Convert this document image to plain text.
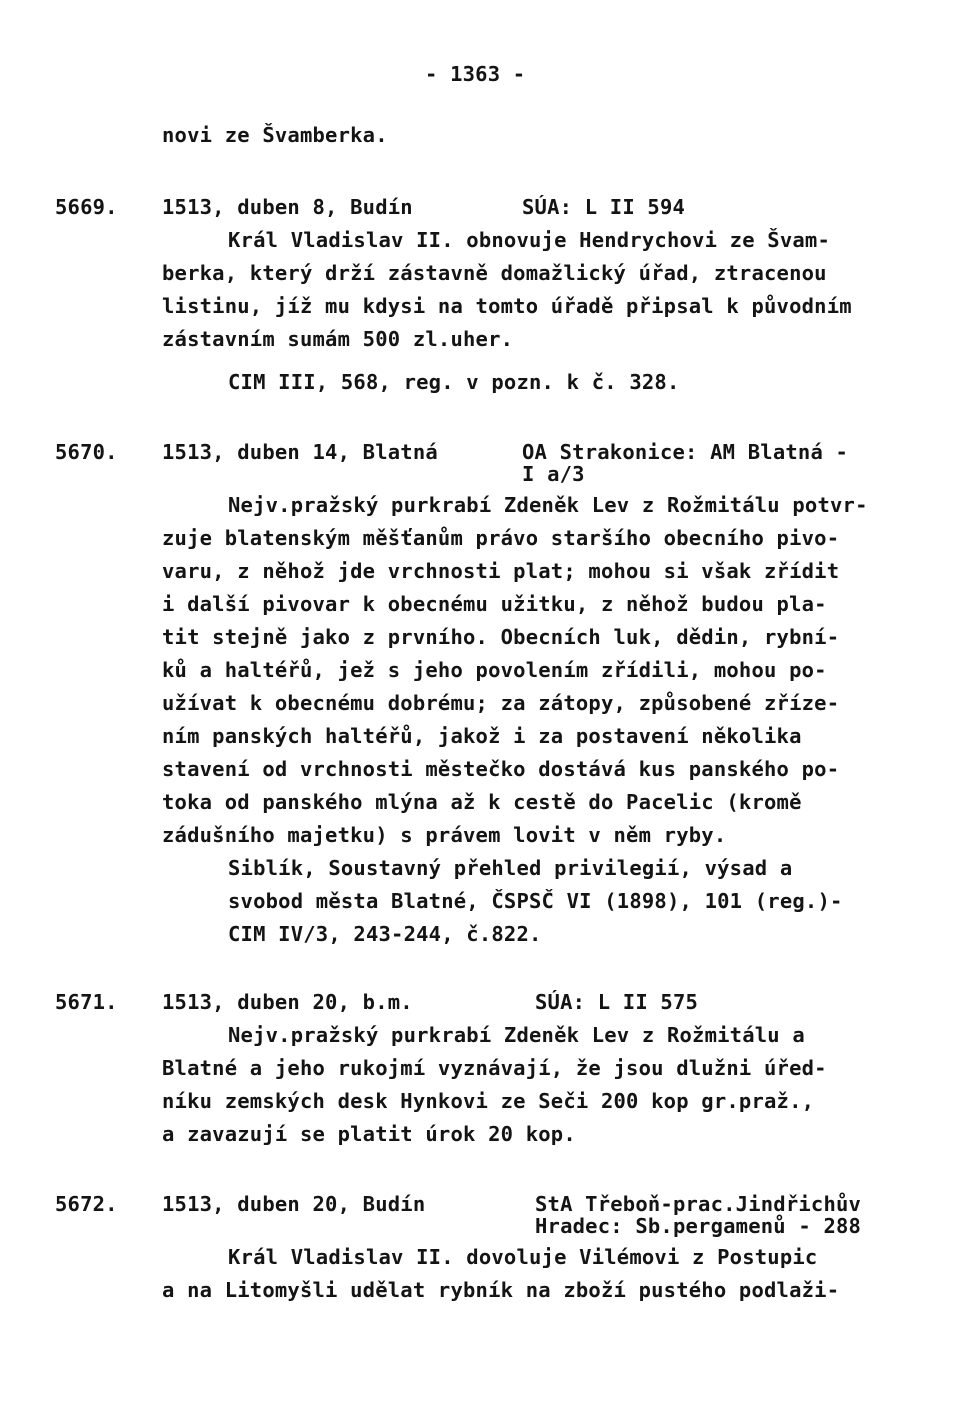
- 1363 -
novi ze Švamberka.
5669. 1513, duben 8, Budín	SÚA: L II 594
Král Vladislav II. obnovuje Hendrychovi ze Švam-
berka, který drží zástavně domažlický úřad, ztracenou
listinu, jíž mu kdysi na tomto úřadě připsal k původním
zástavním sumám 500 zl.uher.
CIM III, 568, reg. v pozn. k č. 328.
5670. 1513, duben 14, Blatná	OA Strakonice: AM Blatná -
I a/3
Nejv.pražský purkrabí Zdeněk Lev z Rožmitálu potvr-
zuje blatenským měšťanům právo staršího obecního pivo-
varu, z něhož jde vrchnosti plat; mohou si však zřídit
i další pivovar k obecnému užitku, z něhož budou pla-
tit stejně jako z prvního. Obecních luk, dědin, rybní-
ků a haltéřů, jež s jeho povolením zřídili, mohou po-
užívat k obecnému dobrému; za zátopy, způsobené zříze-
ním panských haltéřů, jakož i za postavení několika
stavení od vrchnosti městečko dostává kus panského po-
toka od panského mlýna až k cestě do Pacelic (kromě
zádušního majetku) s právem lovit v něm ryby.
Siblík, Soustavný přehled privilegií, výsad a
svobod města Blatné, ČSPSČ VI (1898), 101 (reg.)-
CIM IV/3, 243-244, č.822.
5671. 1513, duben 20, b.m.	SÚA: L II 575
Nejv.pražský purkrabí Zdeněk Lev z Rožmitálu a
Blatné a jeho rukojmí vyznávají, že jsou dlužni úřed-
níku zemských desk Hynkovi ze Seči 200 kop gr.praž.,
a zavazují se platit úrok 20 kop.
5672. 1513, duben 20, Budín	StA Třeboň-prac.Jindřichův
Hradec: Sb.pergamenů - 288
Král Vladislav II. dovoluje Vilémovi z Postupic
a na Litomyšli udělat rybník na zboží pustého podlaži-
